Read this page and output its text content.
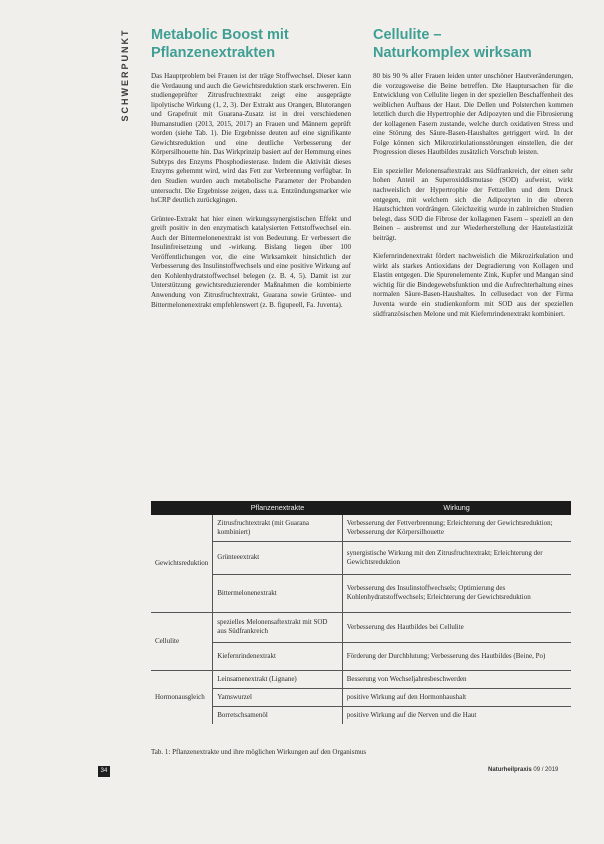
SCHWERPUNKT Metabolic Boost mit
Pflanzenextrakten
Cellulite –
Naturkomplex wirksam

Das Hauptproblem bei Frauen ist der träge Stoffwechsel. Dieser kann die Verdauung und auch die Gewichtsreduktion stark erschweren. Ein studiengeprüfter Zitrusfruchtextrakt zeigt eine ausgeprägte lipolytische Wirkung (1, 2, 3). Der Extrakt aus Orangen, Blutorangen und Grapefruit mit Guarana-Zusatz ist in drei verschiedenen Humanstudien (2013, 2015, 2017) an Frauen und Männern geprüft worden (siehe Tab. 1). Die Ergebnisse deuten auf eine signifikante Gewichtsreduktion und eine deutliche Verbesserung der Körpersilhouette hin. Das Wirkprinzip basiert auf der Hemmung eines Subtyps des Enzyms Phosphodiesterase. Indem die Aktivität dieses Enzyms gehemmt wird, wird das Fett zur Verbrennung verfügbar. In den Studien wurden auch metabolische Parameter der Probanden untersucht. Die Ergebnisse zeigen, dass u.a. Entzündungsmarker wie hsCRP deutlich zurückgingen.

Grüntee-Extrakt hat hier einen wirkungssynergistischen Effekt und greift positiv in den enzymatisch katalysierten Fettstoffwechsel ein. Auch der Bittermelonenextrakt ist von Bedeutung. Er verbessert die Insulinfreisetzung und -wirkung. Bislang liegen über 100 Veröffentlichungen vor, die eine Wirksamkeit hinsichtlich der Verbesserung des Insulinstoffwechsels und eine positive Wirkung auf den Kohlenhydratstoffwechsel belegen (z. B. 4, 5). Damit ist zur Unterstützung gewichtsreduzierender Maßnahmen die kombinierte Anwendung von Zitrusfruchtextrakt, Guarana sowie Grüntee- und Bittermelonenextrakt empfehlenswert (z. B. figupeell, Fa. Juventa).

80 bis 90 % aller Frauen leiden unter unschöner Hautveränderungen, die vorzugsweise die Beine betreffen. Die Hauptursachen für die Entwicklung von Cellulite liegen in der speziellen Beschaffenheit des weiblichen Aufbaus der Haut. Die Dellen und Polsterchen kommen letztlich durch die Hypertrophie der Adipozyten und die Fibrosierung der kollagenen Fasern zustande, welche durch oxidativen Stress und eine Störung des Säure-Basen-Haushaltes getriggert wird. In der Folge können sich Mikrozirkulationsstörungen einstellen, die der Progression dieses Hautbildes zusätzlich Vorschub leisten.

Ein spezieller Melonensaftextrakt aus Südfrankreich, der einen sehr hohen Anteil an Superoxiddismutase (SOD) aufweist, wirkt nachweislich der Hypertrophie der Fettzellen und dem Druck entgegen, mit welchem sich die Adipozyten in die oberen Hautschichten vordrängen. Gleichzeitig wurde in zahlreichen Studien belegt, dass SOD die Fibrose der kollagenen Fasern – speziell an den Beinen – ausbremst und zur Wiederherstellung der Hautelastizität beiträgt.

Kiefernrindenextrakt fördert nachweislich die Mikrozirkulation und wirkt als starkes Antioxidans der Degradierung von Kollagen und Elastin entgegen. Die Spurenelemente Zink, Kupfer und Mangan sind wichtig für die Bindegewebsfunktion und die Aufrechterhaltung eines normalen Säure-Basen-Haushaltes. In cellusedact von der Firma Juventa wurde ein studienkonform mit SOD aus der speziellen südfranzösischen Melone und mit Kiefernrindenextrakt kombiniert.

	Pflanzenextrakte	Wirkung
Gewichtsreduktion	Zitrusfruchtextrakt (mit Guarana kombiniert)	Verbesserung der Fettverbrennung; Erleichterung der Gewichtsreduktion; Verbesserung der Körpersilhouette
	Grünteeextrakt	synergistische Wirkung mit den Zitrusfruchtextrakt; Erleichterung der Gewichtsreduktion
	Bittermelonenextrakt	Verbesserung des Insulinstoffwechsels; Optimierung des Kohlenhydratstoffwechsels; Erleichterung der Gewichtsreduktion
Cellulite	spezielles Melonensaftextrakt mit SOD aus Südfrankreich	Verbesserung des Hautbildes bei Cellulite
	Kiefernrindenextrakt	Förderung der Durchblutung; Verbesserung des Hautbildes (Beine, Po)
Hormonausgleich	Leinsamenextrakt (Lignane)	Besserung von Wechseljahresbeschwerden
	Yamswurzel	positive Wirkung auf den Hormonhaushalt
	Borretschsamenöl	positive Wirkung auf die Nerven und die Haut
Tab. 1: Pflanzenextrakte und ihre möglichen Wirkungen auf den Organismus
34	Naturheilpraxis 09 / 2019
